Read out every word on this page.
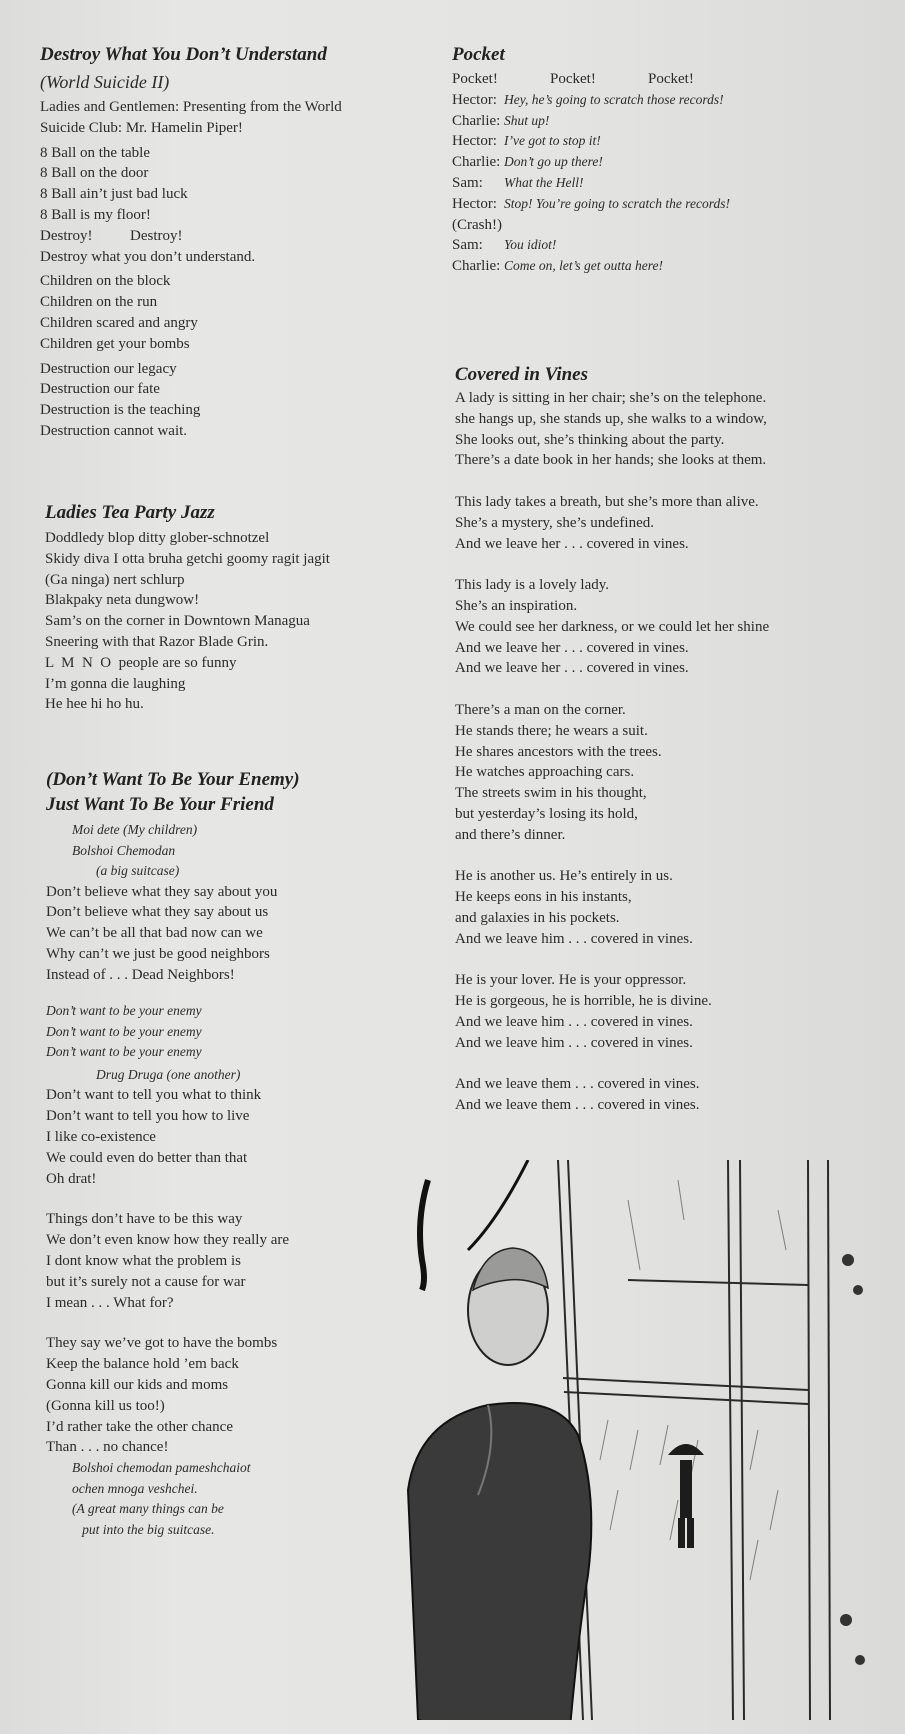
Destroy What You Don’t Understand
(World Suicide II)
Ladies and Gentlemen: Presenting from the World
Suicide Club: Mr. Hamelin Piper!
8 Ball on the table
8 Ball on the door
8 Ball ain’t just bad luck
8 Ball is my floor!
Destroy!          Destroy!
Destroy what you don’t understand.
Children on the block
Children on the run
Children scared and angry
Children get your bombs
Destruction our legacy
Destruction our fate
Destruction is the teaching
Destruction cannot wait.
Ladies Tea Party Jazz
Doddledy blop ditty glober-schnotzel
Skidy diva I otta bruha getchi goomy ragit jagit
(Ga ninga) nert schlurp
Blakpaky neta dungwow!
Sam’s on the corner in Downtown Managua
Sneering with that Razor Blade Grin.
L  M  N  O  people are so funny
I’m gonna die laughing
He hee hi ho hu.
(Don’t Want To Be Your Enemy)
Just Want To Be Your Friend
Moi dete (My children)
Bolshoi Chemodan
(a big suitcase)
Don’t believe what they say about you
Don’t believe what they say about us
We can’t be all that bad now can we
Why can’t we just be good neighbors
Instead of . . . Dead Neighbors!
Don’t want to be your enemy
Don’t want to be your enemy
Don’t want to be your enemy
Drug Druga (one another)
Don’t want to tell you what to think
Don’t want to tell you how to live
I like co-existence
We could even do better than that
Oh drat!
Things don’t have to be this way
We don’t even know how they really are
I dont know what the problem is
but it’s surely not a cause for war
I mean . . . What for?
They say we’ve got to have the bombs
Keep the balance hold ’em back
Gonna kill our kids and moms
(Gonna kill us too!)
I’d rather take the other chance
Than . . . no chance!
Bolshoi chemodan pameshchaiot
ochen mnoga veshchei.
(A great many things can be
put into the big suitcase.
Pocket
Pocket!	Pocket!	Pocket!
Hector: Hey, he’s going to scratch those records!
Charlie: Shut up!
Hector: I’ve got to stop it!
Charlie: Don’t go up there!
Sam:	What the Hell!
Hector: Stop! You’re going to scratch the records!
(Crash!)
Sam:	You idiot!
Charlie: Come on, let’s get outta here!
Covered in Vines
A lady is sitting in her chair; she’s on the telephone.
she hangs up, she stands up, she walks to a window,
She looks out, she’s thinking about the party.
There’s a date book in her hands; she looks at them.
This lady takes a breath, but she’s more than alive.
She’s a mystery, she’s undefined.
And we leave her . . . covered in vines.
This lady is a lovely lady.
She’s an inspiration.
We could see her darkness, or we could let her shine
And we leave her . . . covered in vines.
And we leave her . . . covered in vines.
There’s a man on the corner.
He stands there; he wears a suit.
He shares ancestors with the trees.
He watches approaching cars.
The streets swim in his thought,
but yesterday’s losing its hold,
and there’s dinner.
He is another us. He’s entirely in us.
He keeps eons in his instants,
and galaxies in his pockets.
And we leave him . . . covered in vines.
He is your lover. He is your oppressor.
He is gorgeous, he is horrible, he is divine.
And we leave him . . . covered in vines.
And we leave him . . . covered in vines.
And we leave them . . . covered in vines.
And we leave them . . . covered in vines.
